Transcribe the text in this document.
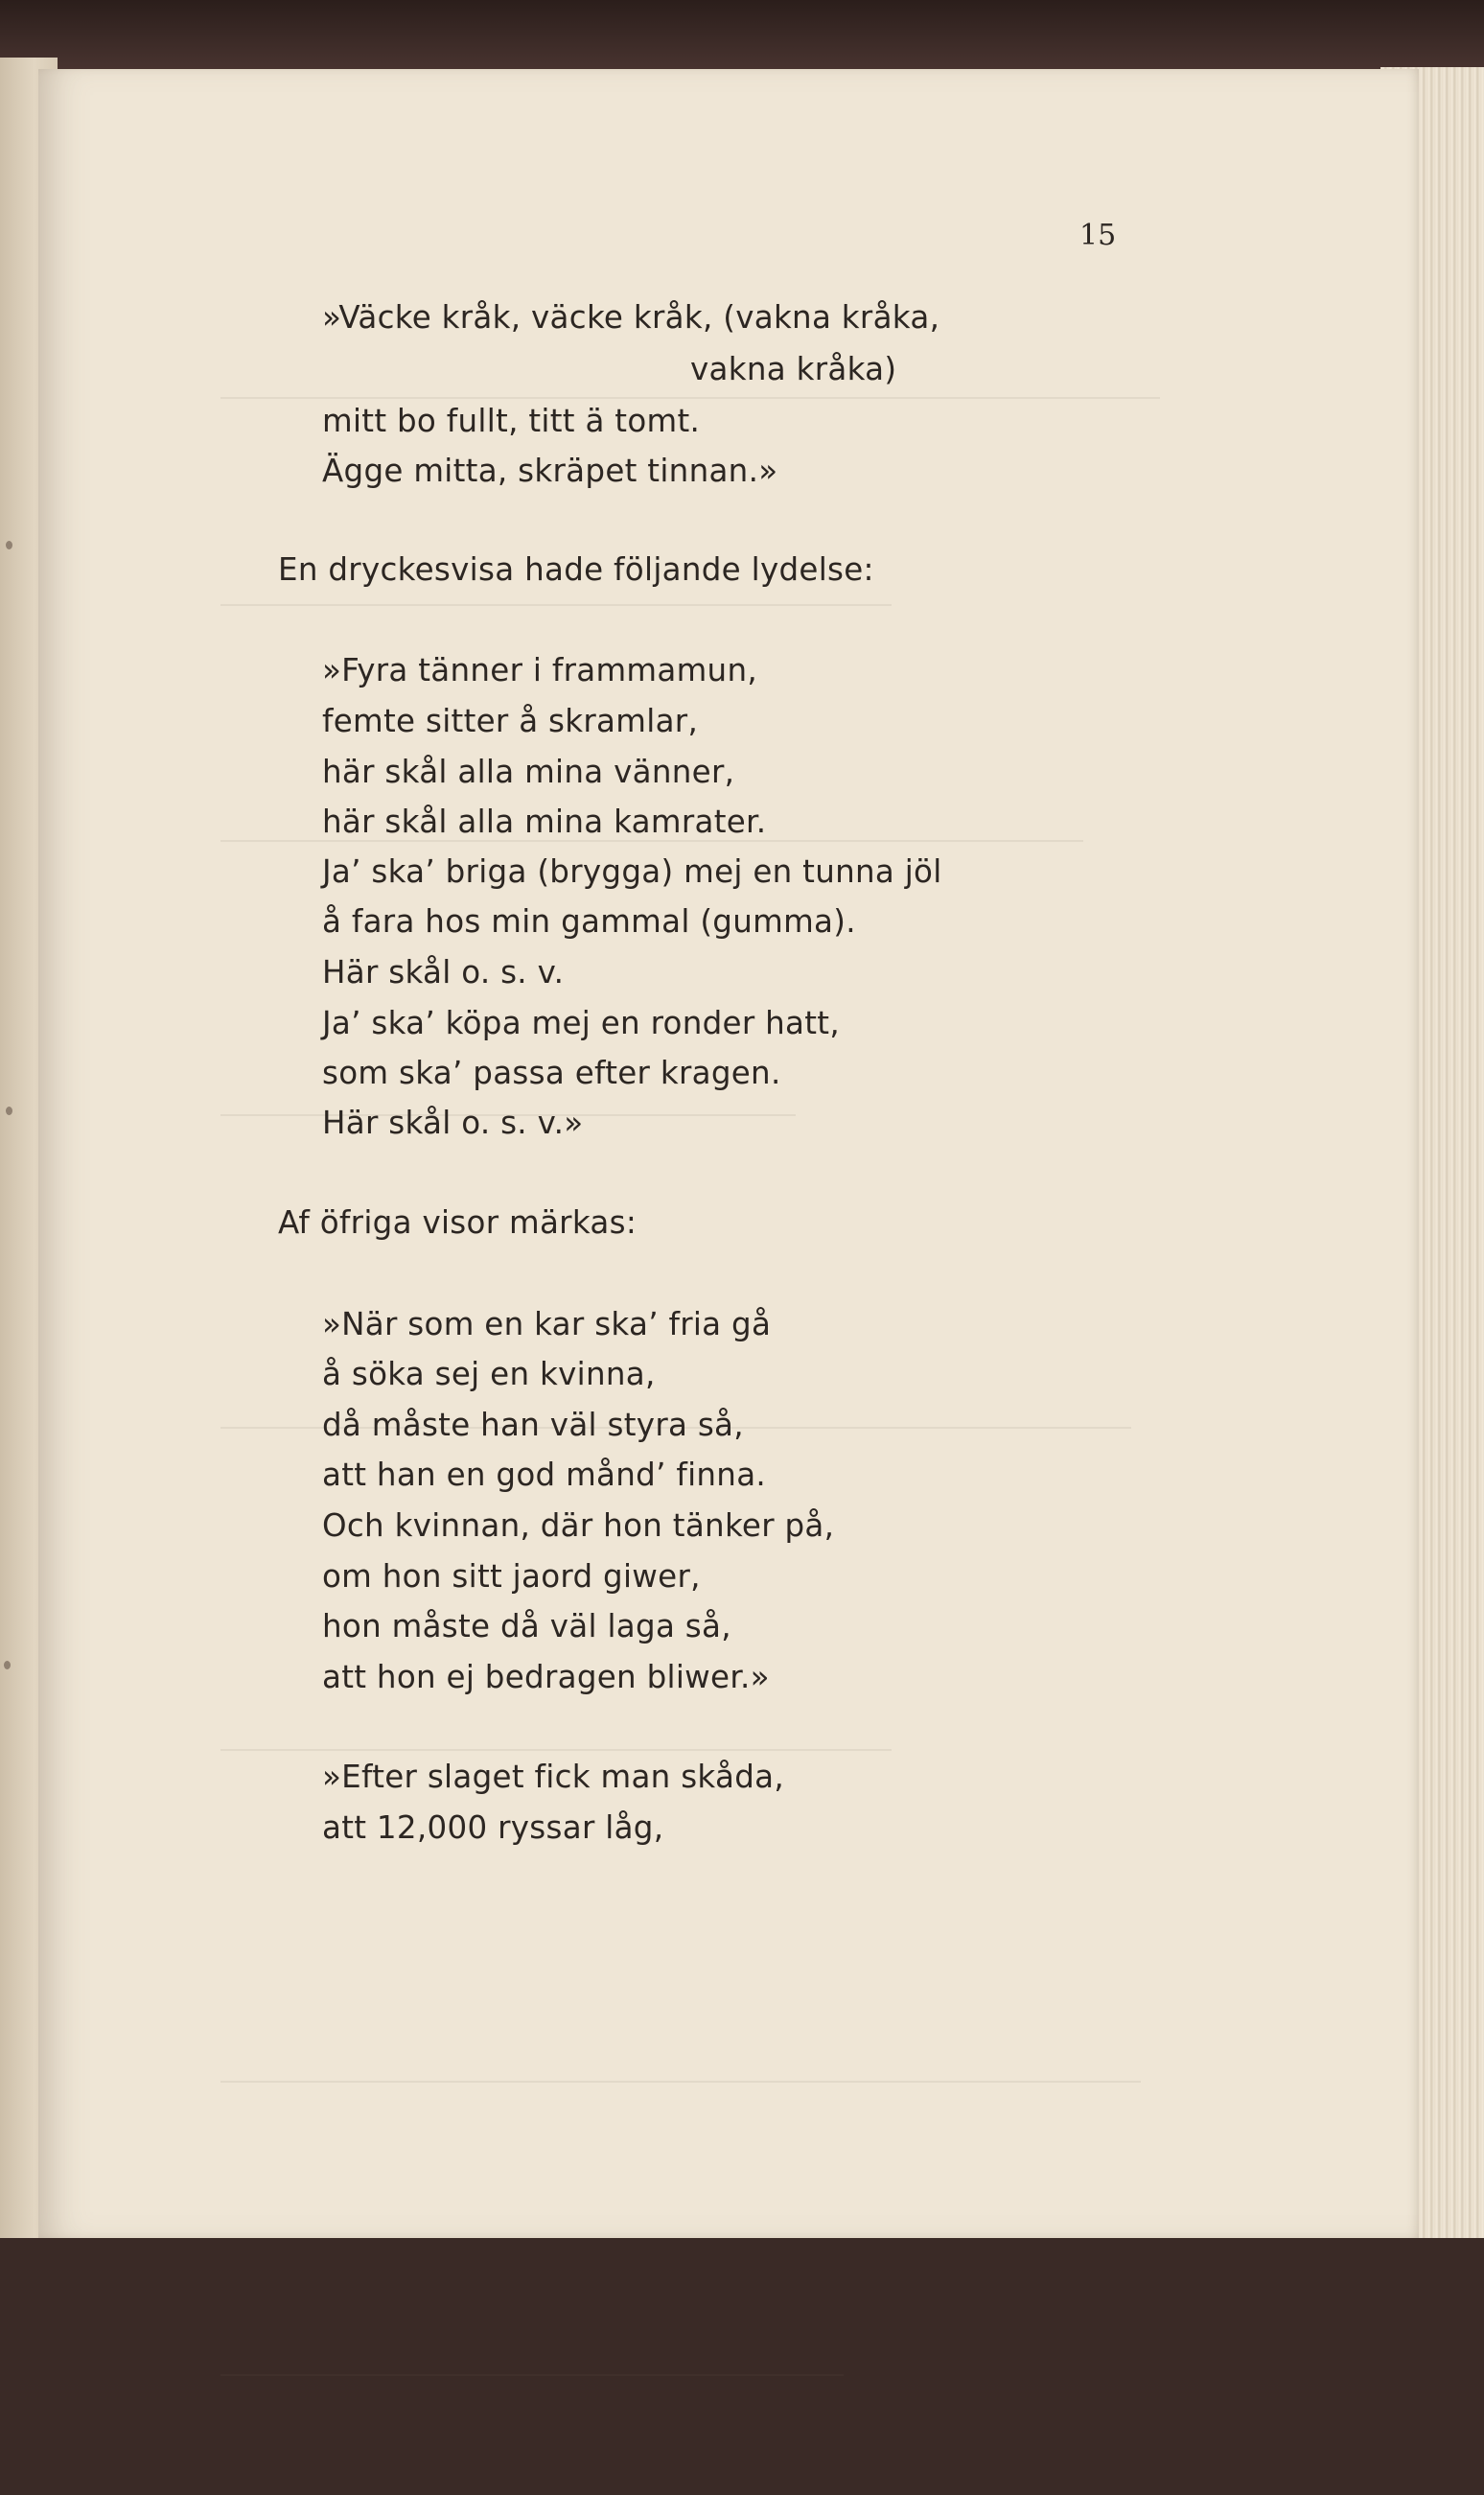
15
»Väcke kråk, väcke kråk, (vakna kråka,
vakna kråka)
mitt bo fullt, titt ä tomt.
Ägge mitta, skräpet tinnan.»
En dryckesvisa hade följande lydelse:
»Fyra tänner i frammamun,
femte sitter å skramlar,
här skål alla mina vänner,
här skål alla mina kamrater.
Ja’ ska’ briga (brygga) mej en tunna jöl
å fara hos min gammal (gumma).
Här skål o. s. v.
Ja’ ska’ köpa mej en ronder hatt,
som ska’ passa efter kragen.
Här skål o. s. v.»
Af öfriga visor märkas:
»När som en kar ska’ fria gå
å söka sej en kvinna,
då måste han väl styra så,
att han en god månd’ finna.
Och kvinnan, där hon tänker på,
om hon sitt jaord giwer,
hon måste då väl laga så,
att hon ej bedragen bliwer.»
»Efter slaget fick man skåda,
att 12,000 ryssar låg,
